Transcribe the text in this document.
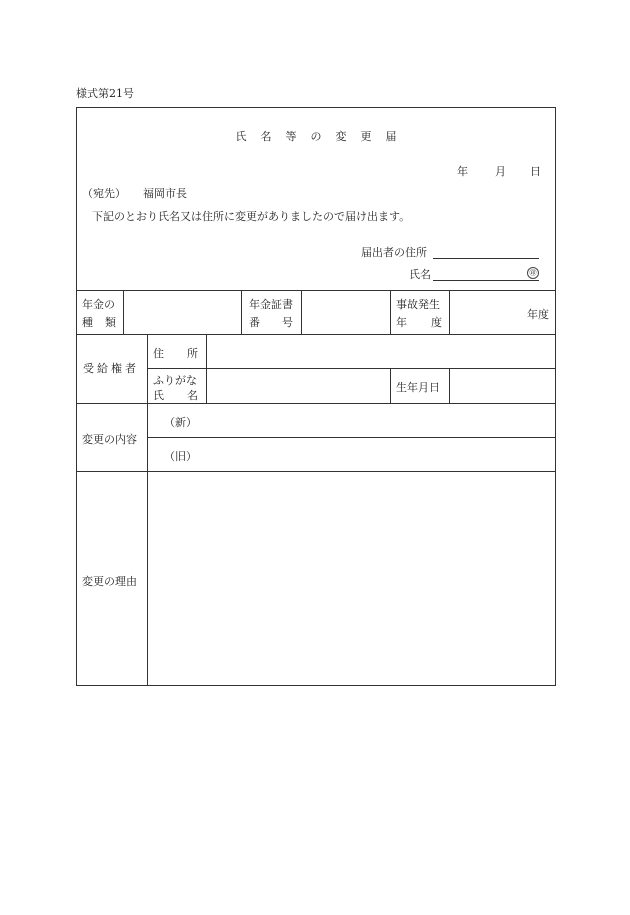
様式第21号
氏 名 等 の 変 更 届
年 月 日
（宛先） 福岡市長
下記のとおり氏名又は住所に変更がありましたので届け出ます。
届出者の住所
氏名	㊞
年金の
種 類
年金証書
番 号
事故発生
年 度
年度
受給権者
住 所
ふりがな
氏 名
生年月日
変更の内容
（新）
（旧）
変更の理由
